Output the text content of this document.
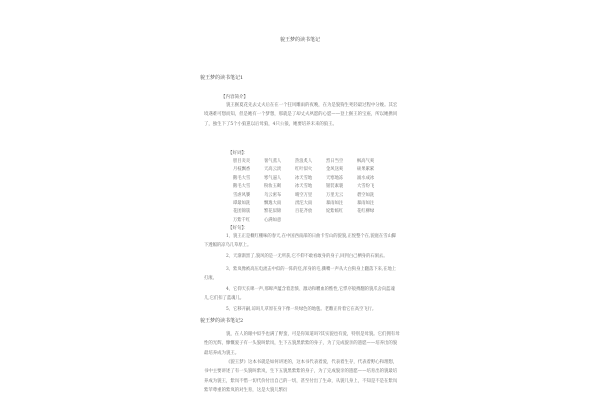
貌王梦的读书笔记
貌王梦的读书笔记1
【内容简介】

貌王猴夏花先去丈夫后在在一个狂风雕雨的夜晚，在为是貌狗生死轻最过程中分娩。其宏境遇难可想而知，但是她有一个梦想，那就是了却丈夫夙愿的心愿——登上猴王的宝座，所以她携同了，独生下了5个小狼崽以后母狼，4只公狼，她要培养未来的狼王。

【好词】：
胆目炎炎	暑气蒸人	热浪炙人	烈日当空	枫高气爽
月枝飘香	天高云淡	红叶似火	金风送爽	硕果累累
鹅毛大雪	寒气逼人	冰天雪地	天寒地冻	涌水成冰
鹅毛大雪	粉妆玉砌	冰天雪地	银装素裹	大雪纷飞
雪虐风饕	乌云密布	晴空万里	万里无云	碧空如洗
谭最如洗	飘逸大雨	滂沱大雨	暴雨如注	暴雨如注
花团锦簇	繁花似锦	百花齐放	姹紫嫣红	花红柳绿
万紫千红	心满如意
【好句】：

1、貌王正是概红棚味的春天,在中国西南部的日曲卡雪山的貌貌,正悦整个在,貌庭在雪山脚下透幅的凉乌几草原上。

2、天渐渐黑了,貌风的是一无所获,它不仰不敢看敢身的身子,回到白己栖身的石洞去。

3、紫岚像被高压电流击中似的一阵的痉,浑身的毛,撕嘴一声从大白狗身上翻落下来,在地上打滚。

4、它仰天长嗥一声,那嗥声蕴含着悲愤、激动和嚼血的憔性,它悍序般搏翻的貌爪舍向蓝魂儿,它们扣了蓝魂儿。

5、它移开嗣,谅吗儿草原在身下像一块绿色的地毯。老雕正骨着它在高空飞行。

貌王梦的读书笔记2

貌，在人的眼中似乎也满了野蛮，可是你知道吗?其实貌也有爱，特别是母貌。它们拥有母性的光辉，慷慨爱子有一头貌叫紫岚，生下五貌黑紫紫的身子，为了完成貌亲的遗愿——培养出的貌最培养成为貌王。

《貌王梦》这本书就是如何讲述的，这本书代表着爱，代表着生存，代表着野心和理想，书中主要讲述了有一头貌叫紫岚，生下五貌黑紫紫的身子，为了完成貌亲的遗愿——培育出的貌最培养成为貌王，紫岚不惜一切代价付出自己的一切，甚至付出了生命，从貌儿身上，不知是不是在紫岚紫苹尊重的紫岚的对生育，这是大貌儿繁衍
